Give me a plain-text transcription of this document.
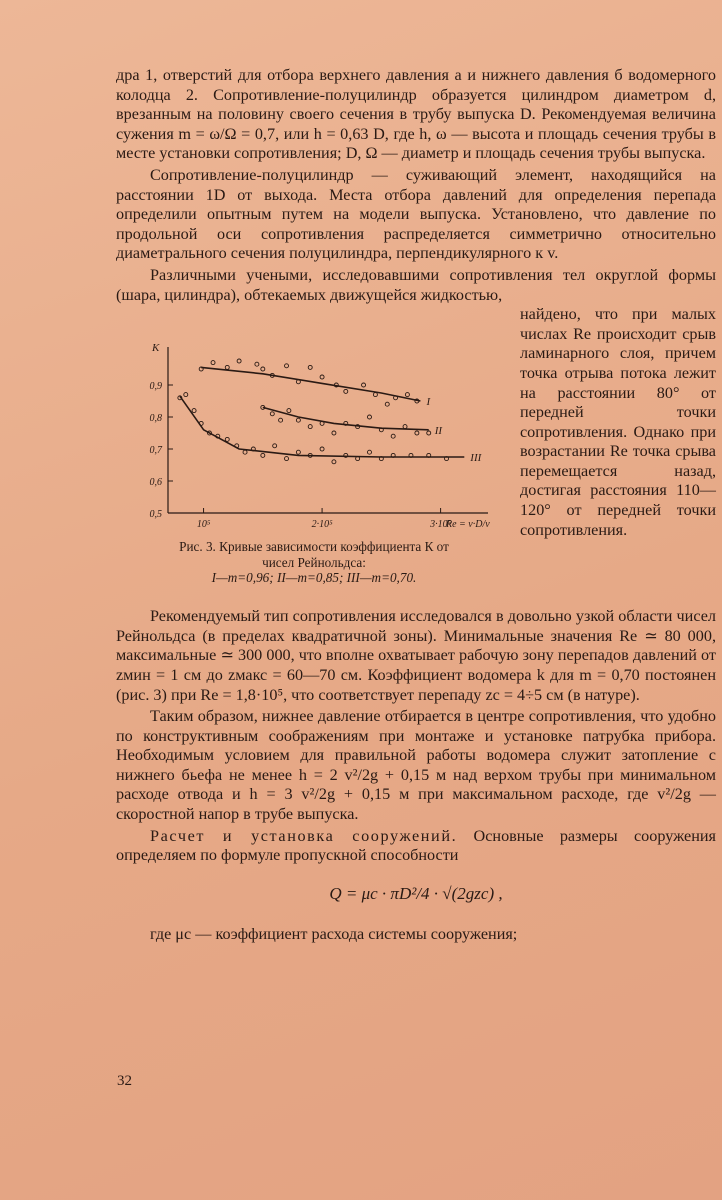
дра 1, отверстий для отбора верхнего давления a и нижнего давления б водомерного колодца 2. Сопротивление-полуцилиндр образуется цилиндром диаметром d, врезанным на половину своего сечения в трубу выпуска D. Рекомендуемая величина сужения m = ω/Ω = 0,7, или h = 0,63 D, где h, ω — высота и площадь сечения трубы в месте установки сопротивления; D, Ω — диаметр и площадь сечения трубы выпуска.

Сопротивление-полуцилиндр — суживающий элемент, находящийся на расстоянии 1D от выхода. Места отбора давлений для определения перепада определили опытным путем на модели выпуска. Установлено, что давление по продольной оси сопротивления распределяется симметрично относительно диаметрального сечения полуцилиндра, перпендикулярного к v.

Различными учеными, исследовавшими сопротивления тел округлой формы (шара, цилиндра), обтекаемых движущейся жидкостью,

0,5
0,6
0,7
0,8
0,9
10⁵	2·10⁵	3·10⁵
К
Re = v·D/ν
I
II
III
Рис. 3. Кривые зависимости коэффициента К от
чисел Рейнольдса:
I—m=0,96; II—m=0,85; III—m=0,70.

найдено, что при малых числах Re происходит срыв ламинарного слоя, причем точка отрыва потока лежит на расстоянии 80° от передней точки сопротивления. Однако при возрастании Re точка срыва перемещается назад, достигая расстояния 110—120° от передней точки сопротивления.

Рекомендуемый тип сопротивления исследовался в довольно узкой области чисел Рейнольдса (в пределах квадратичной зоны). Минимальные значения Re ≃ 80 000, максимальные ≃ 300 000, что вполне охватывает рабочую зону перепадов давлений от zмин = 1 см до zмакс = 60—70 см. Коэффициент водомера k для m = 0,70 постоянен (рис. 3) при Re = 1,8·10⁵, что соответствует перепаду zc = 4÷5 см (в натуре).

Таким образом, нижнее давление отбирается в центре сопротивления, что удобно по конструктивным соображениям при монтаже и установке патрубка прибора. Необходимым условием для правильной работы водомера служит затопление с нижнего бьефа не менее h = 2 v²/2g + 0,15 м над верхом трубы при минимальном расходе отвода и h = 3 v²/2g + 0,15 м при максимальном расходе, где v²/2g — скоростной напор в трубе выпуска.

Расчет и установка сооружений. Основные размеры сооружения определяем по формуле пропускной способности

Q = μc · πD²/4 · √(2gzc) ,

где μc — коэффициент расхода системы сооружения;

32
